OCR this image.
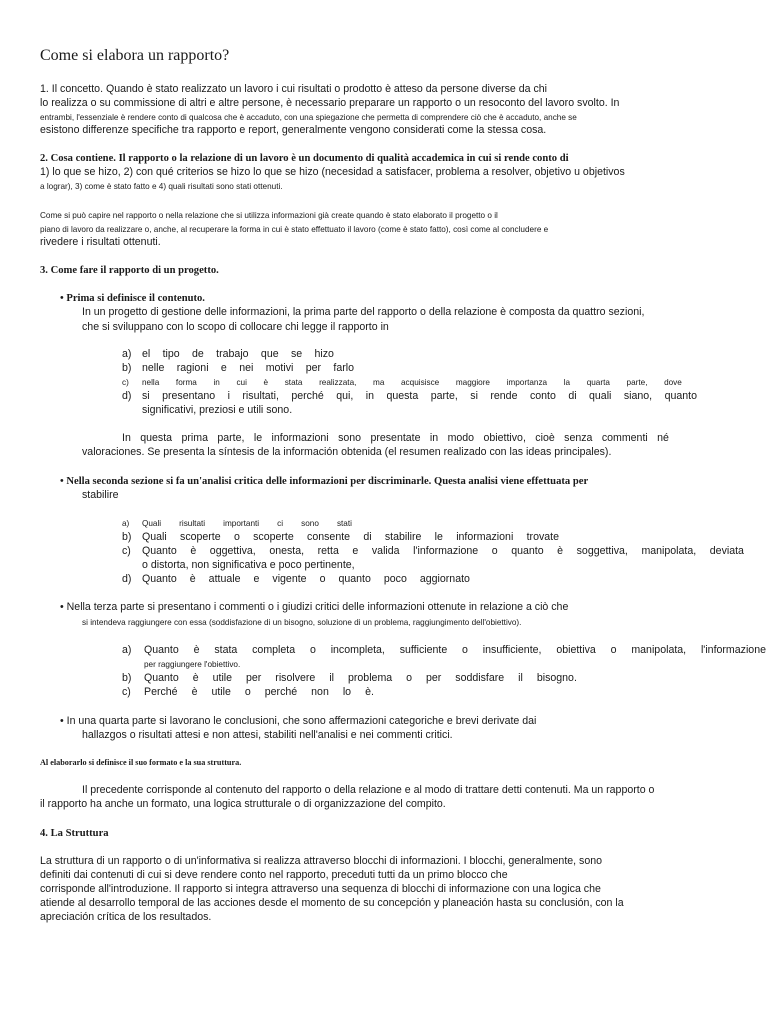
Come si elabora un rapporto?
1. Il concetto. Quando è stato realizzato un lavoro i cui risultati o prodotto è atteso da persone diverse da chi
lo realizza o su commissione di altri e altre persone, è necessario preparare un rapporto o un resoconto del lavoro svolto. In
entrambi, l'essenziale è rendere conto di qualcosa che è accaduto, con una spiegazione che permetta di comprendere ciò che è accaduto, anche se
esistono differenze specifiche tra rapporto e report, generalmente vengono considerati come la stessa cosa.
2. Cosa contiene. Il rapporto o la relazione di un lavoro è un documento di qualità accademica in cui si rende conto di
1) lo que se hizo, 2) con qué criterios se hizo lo que se hizo (necesidad a satisfacer, problema a resolver, objetivo u objetivos
a lograr), 3) come è stato fatto e 4) quali risultati sono stati ottenuti.
Come si può capire nel rapporto o nella relazione che si utilizza informazioni già create quando è stato elaborato il progetto o il
piano di lavoro da realizzare o, anche, al recuperare la forma in cui è stato effettuato il lavoro (come è stato fatto), così come al concludere e
rivedere i risultati ottenuti.
3. Come fare il rapporto di un progetto.
• Prima si definisce il contenuto.
In un progetto di gestione delle informazioni, la prima parte del rapporto o della relazione è composta da quattro sezioni,
che si sviluppano con lo scopo di collocare chi legge il rapporto in
a) el tipo de trabajo que se hizo
b) nelle ragioni e nei motivi per farlo
c) nella forma in cui è stata realizzata, ma acquisisce maggiore importanza la quarta parte, dove
d) si presentano i risultati, perché qui, in questa parte, si rende conto di quali siano, quanto
significativi, preziosi e utili sono.
In questa prima parte, le informazioni sono presentate in modo obiettivo, cioè senza commenti né
valoraciones. Se presenta la síntesis de la información obtenida (el resumen realizado con las ideas principales).
• Nella seconda sezione si fa un'analisi critica delle informazioni per discriminarle. Questa analisi viene effettuata per
stabilire
a) Quali risultati importanti ci sono stati
b) Quali scoperte o scoperte consente di stabilire le informazioni trovate
c) Quanto è oggettiva, onesta, retta e valida l'informazione o quanto è soggettiva, manipolata, deviata
o distorta, non significativa e poco pertinente,
d) Quanto è attuale e vigente o quanto poco aggiornato
• Nella terza parte si presentano i commenti o i giudizi critici delle informazioni ottenute in relazione a ciò che
si intendeva raggiungere con essa (soddisfazione di un bisogno, soluzione di un problema, raggiungimento dell'obiettivo).
a) Quanto è stata completa o incompleta, sufficiente o insufficiente, obiettiva o manipolata, l'informazione
per raggiungere l'obiettivo.
b) Quanto è utile per risolvere il problema o per soddisfare il bisogno.
c) Perché è utile o perché non lo è.
• In una quarta parte si lavorano le conclusioni, che sono affermazioni categoriche e brevi derivate dai
hallazgos o risultati attesi e non attesi, stabiliti nell'analisi e nei commenti critici.
Al elaborarlo si definisce il suo formato e la sua struttura.
Il precedente corrisponde al contenuto del rapporto o della relazione e al modo di trattare detti contenuti. Ma un rapporto o
il rapporto ha anche un formato, una logica strutturale o di organizzazione del compito.
4. La Struttura
La struttura di un rapporto o di un'informativa si realizza attraverso blocchi di informazioni. I blocchi, generalmente, sono
definiti dai contenuti di cui si deve rendere conto nel rapporto, preceduti tutti da un primo blocco che
corrisponde all'introduzione. Il rapporto si integra attraverso una sequenza di blocchi di informazione con una logica che
atiende al desarrollo temporal de las acciones desde el momento de su concepción y planeación hasta su conclusión, con la
apreciación crítica de los resultados.
